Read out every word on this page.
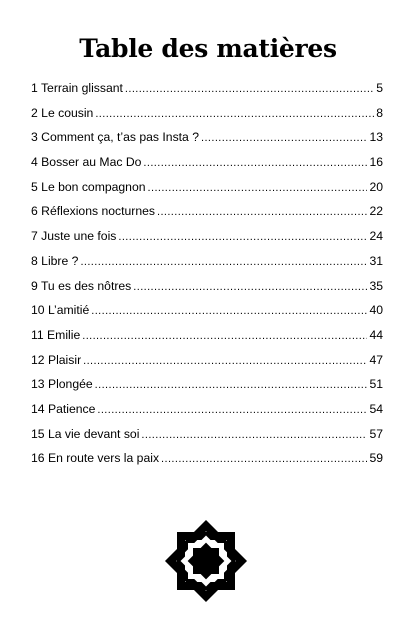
Table des matières
1 Terrain glissant .....	5
2 Le cousin .....	8
3 Comment ça, t’as pas Insta ? .....	13
4 Bosser au Mac Do .....	16
5 Le bon compagnon .....	20
6 Réflexions nocturnes .....	22
7 Juste une fois .....	24
8 Libre ? .....	31
9 Tu es des nôtres .....	35
10 L’amitié .....	40
11 Emilie .....	44
12 Plaisir .....	47
13 Plongée .....	51
14 Patience .....	54
15 La vie devant soi .....	57
16 En route vers la paix .....	59
